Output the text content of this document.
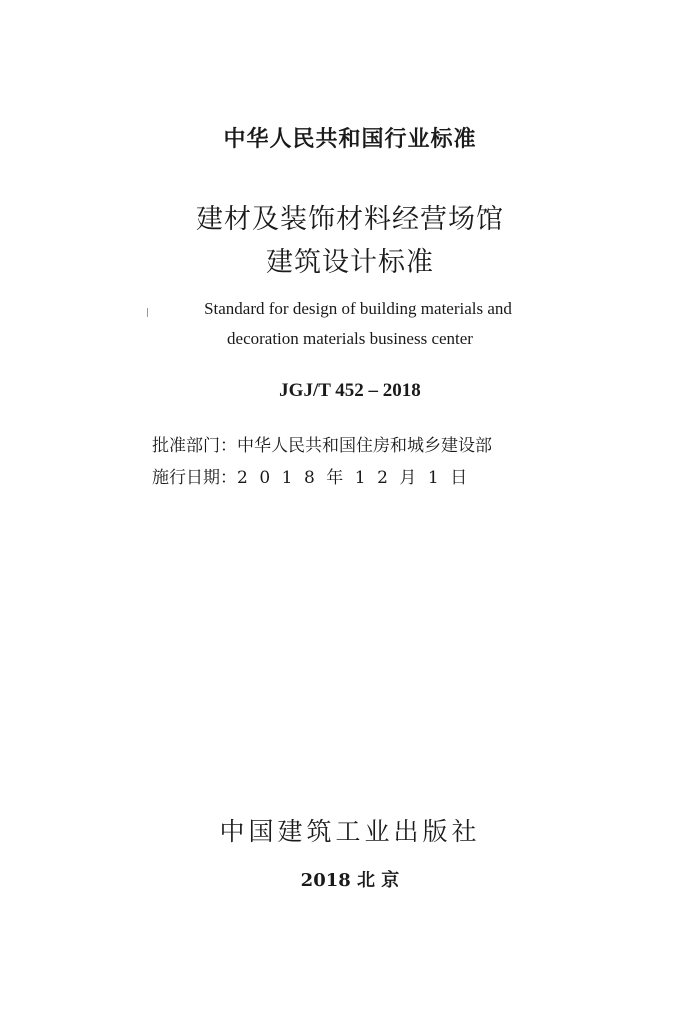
中华人民共和国行业标准
建材及装饰材料经营场馆
建筑设计标准
Standard for design of building materials and
decoration materials business center
JGJ/T 452 – 2018
批准部门： 中华人民共和国住房和城乡建设部
施行日期： 2018年12月1日
中国建筑工业出版社
2018 北 京
